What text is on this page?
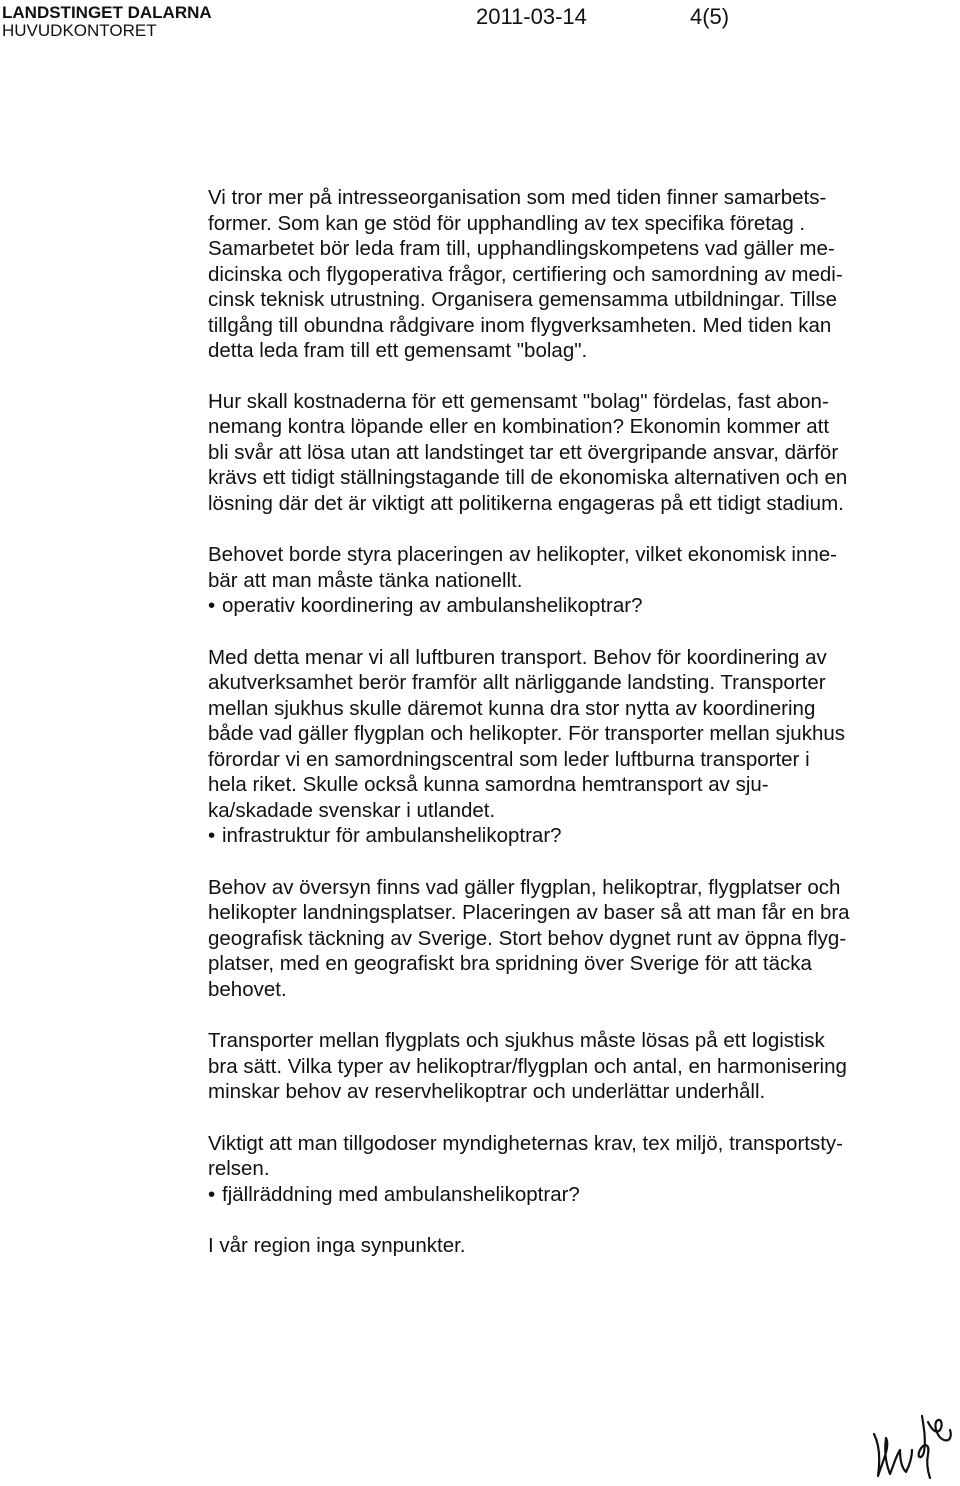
LANDSTINGET DALARNA
HUVUDKONTORET
2011-03-14	4(5)

Vi tror mer på intresseorganisation som med tiden finner samarbets-
former. Som kan ge stöd för upphandling av tex specifika företag .
Samarbetet bör leda fram till, upphandlingskompetens vad gäller me-
dicinska och flygoperativa frågor, certifiering och samordning av medi-
cinsk teknisk utrustning. Organisera gemensamma utbildningar. Tillse
tillgång till obundna rådgivare inom flygverksamheten. Med tiden kan
detta leda fram till ett gemensamt "bolag".

Hur skall kostnaderna för ett gemensamt "bolag" fördelas, fast abon-
nemang kontra löpande eller en kombination? Ekonomin kommer att
bli svår att lösa utan att landstinget tar ett övergripande ansvar, därför
krävs ett tidigt ställningstagande till de ekonomiska alternativen och en
lösning där det är viktigt att politikerna engageras på ett tidigt stadium.

Behovet borde styra placeringen av helikopter, vilket ekonomisk inne-
bär att man måste tänka nationellt.

• operativ koordinering av ambulanshelikoptrar?

Med detta menar vi all luftburen transport. Behov för koordinering av
akutverksamhet berör framför allt närliggande landsting. Transporter
mellan sjukhus skulle däremot kunna dra stor nytta av koordinering
både vad gäller flygplan och helikopter. För transporter mellan sjukhus
förordar vi en samordningscentral som leder luftburna transporter i
hela riket. Skulle också kunna samordna hemtransport av sju-
ka/skadade svenskar i utlandet.

• infrastruktur för ambulanshelikoptrar?

Behov av översyn finns vad gäller flygplan, helikoptrar, flygplatser och
helikopter landningsplatser. Placeringen av baser så att man får en bra
geografisk täckning av Sverige. Stort behov dygnet runt av öppna flyg-
platser, med en geografiskt bra spridning över Sverige för att täcka
behovet.

Transporter mellan flygplats och sjukhus måste lösas på ett logistisk
bra sätt. Vilka typer av helikoptrar/flygplan och antal, en harmonisering
minskar behov av reservhelikoptrar och underlättar underhåll.

Viktigt att man tillgodoser myndigheternas krav, tex miljö, transportsty-
relsen.

• fjällräddning med ambulanshelikoptrar?

I vår region inga synpunkter.
